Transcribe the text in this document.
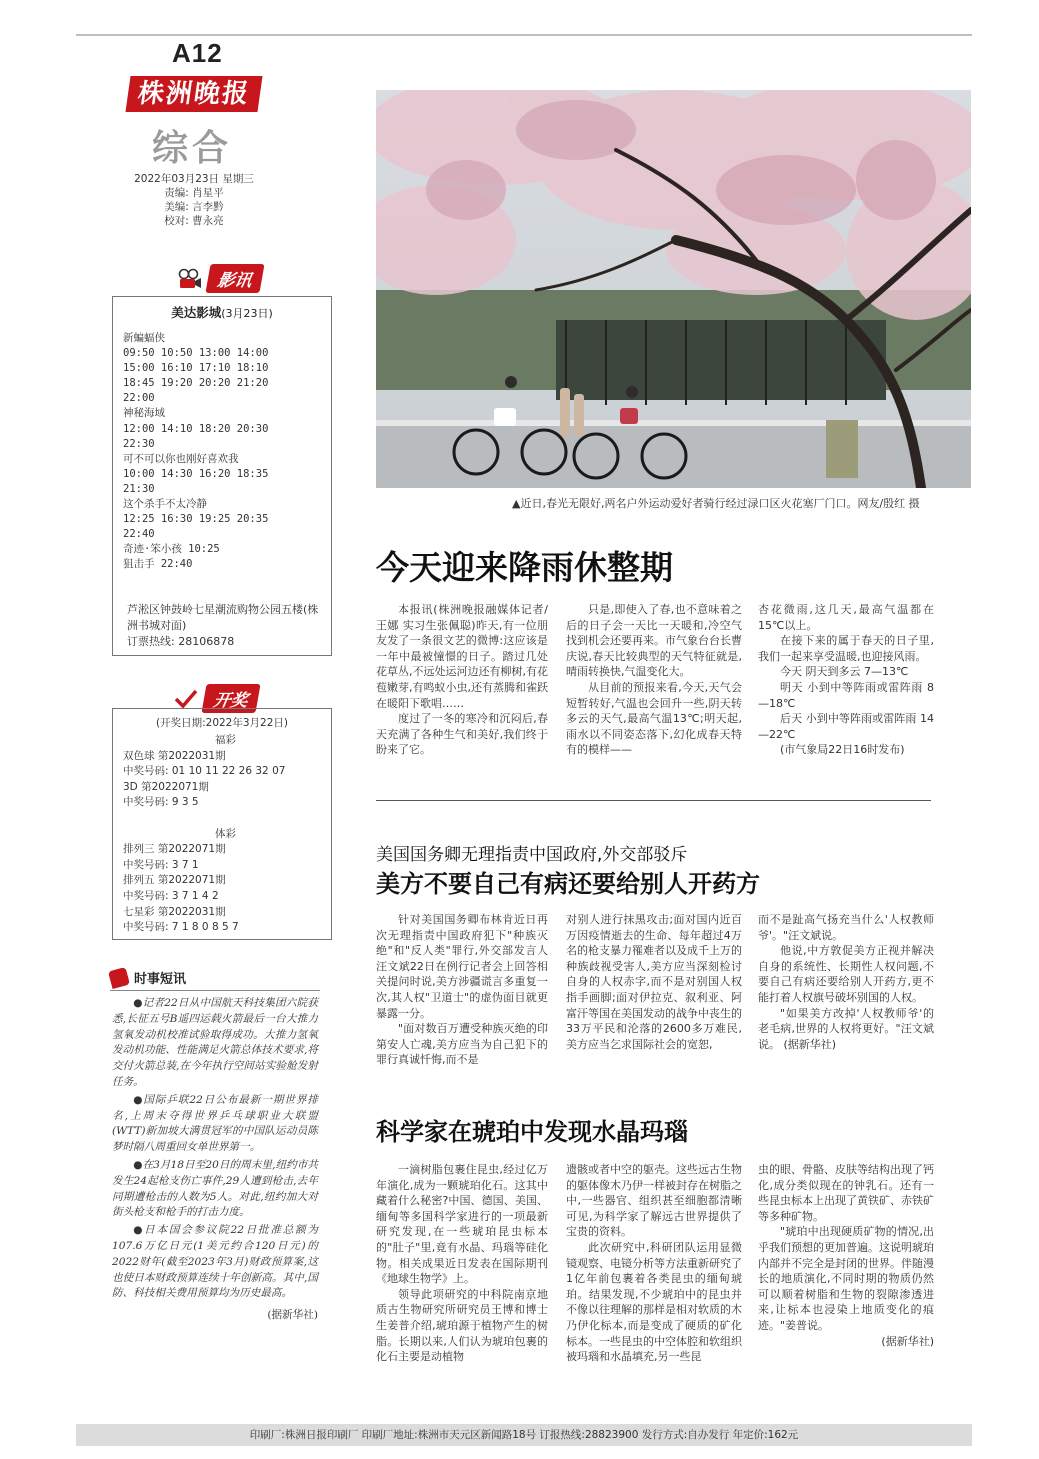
A12
株洲晚报
综合
2022年03月23日 星期三
责编: 肖星平
美编: 言李黔
校对: 曹永亮
影讯
美达影城(3月23日)
新蝙蝠侠
09:50 10:50 13:00 14:00
15:00 16:10 17:10 18:10
18:45 19:20 20:20 21:20
22:00
神秘海域
12:00 14:10 18:20 20:30
22:30
可不可以你也刚好喜欢我
10:00 14:30 16:20 18:35
21:30
这个杀手不太冷静
12:25 16:30 19:25 20:35
22:40
奇迹·笨小孩 10:25
狙击手 22:40
芦淞区钟鼓岭七星潮流购物公园五楼(株洲书城对面)
订票热线: 28106878
开奖
(开奖日期:2022年3月22日)
福彩
双色球 第2022031期
中奖号码: 01 10 11 22 26 32 07
3D 第2022071期
中奖号码: 9 3 5
体彩
排列三 第2022071期
中奖号码: 3 7 1
排列五 第2022071期
中奖号码: 3 7 1 4 2
七星彩 第2022031期
中奖号码: 7 1 8 0 8 5 7
时事短讯

●记者22日从中国航天科技集团六院获悉,长征五号B遥四运载火箭最后一台大推力氢氧发动机校准试验取得成功。大推力氢氧发动机功能、性能满足火箭总体技术要求,将交付火箭总装,在今年执行空间站实验舱发射任务。

●国际乒联22日公布最新一期世界排名,上周末夺得世界乒乓球职业大联盟(WTT)新加坡大满贯冠军的中国队运动员陈梦时隔八周重回女单世界第一。

●在3月18日至20日的周末里,纽约市共发生24起枪支伤亡事件,29人遭到枪击,去年同期遭枪击的人数为5人。对此,纽约加大对街头枪支和枪手的打击力度。

●日本国会参议院22日批准总额为107.6万亿日元(1美元约合120日元)的2022财年(截至2023年3月)财政预算案,这也使日本财政预算连续十年创新高。其中,国防、科技相关费用预算均为历史最高。

(据新华社)

▲近日,春光无限好,两名户外运动爱好者骑行经过渌口区火花塞厂门口。网友/殷红 摄
今天迎来降雨休整期

本报讯(株洲晚报融媒体记者/王娜 实习生张佩聪)昨天,有一位朋友发了一条很文艺的微博:这应该是一年中最被憧憬的日子。踏过几处花草丛,不远处运河边还有柳树,有花苞嫩芽,有鸣蚁小虫,还有蒸腾和雀跃在暖阳下歌唱……

度过了一冬的寒冷和沉闷后,春天充满了各种生气和美好,我们终于盼来了它。

只是,即使入了春,也不意味着之后的日子会一天比一天暖和,冷空气找到机会还要再来。市气象台台长曹庆说,春天比较典型的天气特征就是,晴雨转换快,气温变化大。

从目前的预报来看,今天,天气会短暂转好,气温也会回升一些,阴天转多云的天气,最高气温13℃;明天起,雨水以不同姿态落下,幻化成春天特有的模样——

杏花微雨,这几天,最高气温都在15℃以上。

在接下来的属于春天的日子里,我们一起来享受温暖,也迎接风雨。

今天 阴天到多云 7—13℃

明天 小到中等阵雨或雷阵雨 8—18℃

后天 小到中等阵雨或雷阵雨 14—22℃

(市气象局22日16时发布)

美国国务卿无理指责中国政府,外交部驳斥
美方不要自己有病还要给别人开药方

针对美国国务卿布林肯近日再次无理指责中国政府犯下"种族灭绝"和"反人类"罪行,外交部发言人汪文斌22日在例行记者会上回答相关提问时说,美方涉疆谎言多重复一次,其人权"卫道士"的虚伪面目就更暴露一分。

"面对数百万遭受种族灭绝的印第安人亡魂,美方应当为自己犯下的罪行真诚忏悔,而不是

对别人进行抹黑攻击;面对国内近百万因疫情逝去的生命、每年超过4万名的枪支暴力罹难者以及成千上万的种族歧视受害人,美方应当深刻检讨自身的人权赤字,而不是对别国人权指手画脚;面对伊拉克、叙利亚、阿富汗等国在美国发动的战争中丧生的33万平民和沦落的2600多万难民,美方应当乞求国际社会的宽恕,

而不是趾高气扬充当什么'人权教师爷'。"汪文斌说。

他说,中方敦促美方正视并解决自身的系统性、长期性人权问题,不要自己有病还要给别人开药方,更不能打着人权旗号破坏别国的人权。

"如果美方改掉'人权教师爷'的老毛病,世界的人权将更好。"汪文斌说。 (据新华社)

科学家在琥珀中发现水晶玛瑙

一滴树脂包裹住昆虫,经过亿万年演化,成为一颗琥珀化石。这其中藏着什么秘密?中国、德国、美国、缅甸等多国科学家进行的一项最新研究发现,在一些琥珀昆虫标本的"肚子"里,竟有水晶、玛瑙等硅化物。相关成果近日发表在国际期刊《地球生物学》上。

领导此项研究的中科院南京地质古生物研究所研究员王博和博士生姜普介绍,琥珀源于植物产生的树脂。长期以来,人们认为琥珀包裹的化石主要是动植物

遗骸或者中空的躯壳。这些远古生物的躯体像木乃伊一样被封存在树脂之中,一些器官、组织甚至细胞都清晰可见,为科学家了解远古世界提供了宝贵的资料。

此次研究中,科研团队运用显微镜观察、电镜分析等方法重新研究了1亿年前包裹着各类昆虫的缅甸琥珀。结果发现,不少琥珀中的昆虫并不像以往理解的那样是相对软质的木乃伊化标本,而是变成了硬质的矿化标本。一些昆虫的中空体腔和软组织被玛瑙和水晶填充,另一些昆

虫的眼、骨骼、皮肤等结构出现了钙化,成分类似现在的钟乳石。还有一些昆虫标本上出现了黄铁矿、赤铁矿等多种矿物。

"琥珀中出现硬质矿物的情况,出乎我们预想的更加普遍。这说明琥珀内部并不完全是封闭的世界。伴随漫长的地质演化,不同时期的物质仍然可以顺着树脂和生物的裂隙渗透进来,让标本也浸染上地质变化的痕迹。"姜普说。

(据新华社)

印刷厂:株洲日报印刷厂 印刷厂地址:株洲市天元区新闻路18号 订报热线:28823900 发行方式:自办发行 年定价:162元
